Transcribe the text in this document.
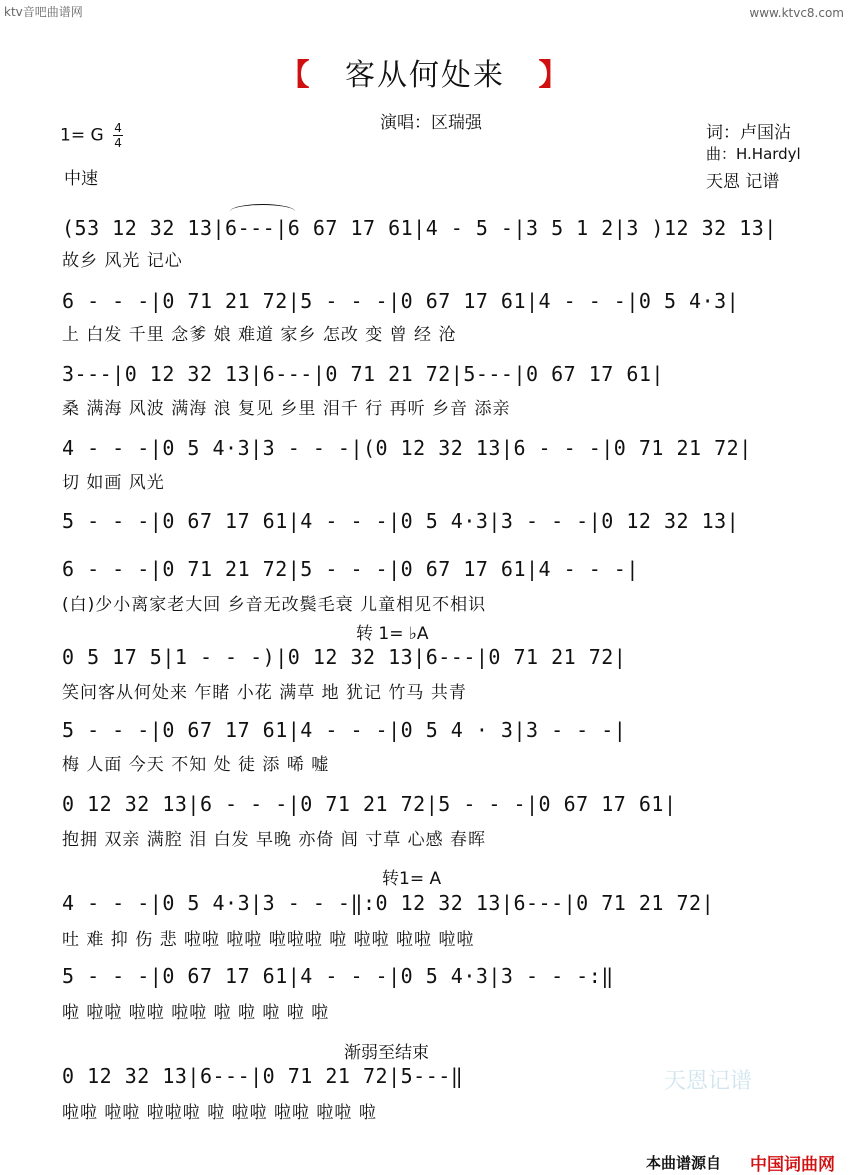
ktv音吧曲谱网	www.ktvc8.com
【 客从何处来 】
1= G $\frac{4}{4}$
中速
演唱：区瑞强	词：卢国沾
曲：H.Hardyl
天恩 记谱
(53 12 32 13|6---|6 67 17 61|4 - 5 -|3 5 1 2|3 )12 32 13|
故乡 风光 记心
6 - - -|0 71 21 72|5 - - -|0 67 17 61|4 - - -|0 5 4·3|
上 白发 千里 念爹 娘 难道 家乡 怎改 变 曾 经 沧
3---|0 12 32 13|6---|0 71 21 72|5---|0 67 17 61|
桑 满海 风波 满海 浪 复见 乡里 泪千 行 再听 乡音 添亲
4 - - -|0 5 4·3|3 - - -|(0 12 32 13|6 - - -|0 71 21 72|
切 如画 风光
5 - - -|0 67 17 61|4 - - -|0 5 4·3|3 - - -|0 12 32 13|
6 - - -|0 71 21 72|5 - - -|0 67 17 61|4 - - -|
(白)少小离家老大回 乡音无改鬓毛衰 儿童相见不相识
转 1= ♭A
0 5 17 5|1 - - -)|0 12 32 13|6---|0 71 21 72|
笑问客从何处来 乍睹 小花 满草 地 犹记 竹马 共青
5 - - -|0 67 17 61|4 - - -|0 5 4 · 3|3 - - -|
梅 人面 今天 不知 处 徒 添 唏 嘘
0 12 32 13|6 - - -|0 71 21 72|5 - - -|0 67 17 61|
抱拥 双亲 满腔 泪 白发 早晚 亦倚 闾 寸草 心感 春晖
转1= A
4 - - -|0 5 4·3|3 - - -‖:0 12 32 13|6---|0 71 21 72|
吐 难 抑 伤 悲 啦啦 啦啦 啦啦啦 啦 啦啦 啦啦 啦啦
5 - - -|0 67 17 61|4 - - -|0 5 4·3|3 - - -:‖
啦 啦啦 啦啦 啦啦 啦 啦 啦 啦 啦
渐弱至结束
0 12 32 13|6---|0 71 21 72|5---‖
啦啦 啦啦 啦啦啦 啦 啦啦 啦啦 啦啦 啦
天恩记谱
本曲谱源自 中国词曲网
